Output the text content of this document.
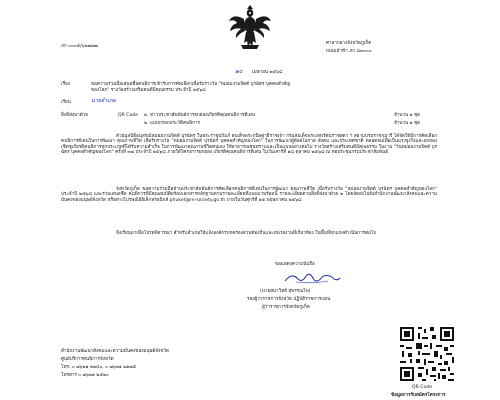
ภก ๐๐๐๕/๖๒๗๗๗
ศาลากลางจังหวัดภูเก็ต
ถนนเจ้าฟ้า ภก ๘๓๐๐๐
๑๐ เมษายน ๒๕๖๘
เรื่อง	ขอความร่วมมือเสนอชื่อคนพิการเข้ารับการคัดเลือกเพื่อรับรางวัล "หม่อมงามจิตต์ บุรฉัตร บุคคลสำคัญ
ของโลก" รางวัลสร้างเสริมคนดีมีคุณธรรม ประจำปี ๒๕๖๘
เรียน	นายอำเภอ
สิ่งที่ส่งมาด้วย	QR Code ๑. ข่าวประชาสัมพันธ์การยกย่องเกียรติคุณคนพิการดีเด่น	จำนวน ๑ ชุด
๒. แบบกรอกประวัติคนพิการ	จำนวน ๑ ชุด
ด้วยมูลนิธิอนุสรณ์หม่อมงามจิตต์ บุรฉัตร ในพระราชูปถัมภ์ สมเด็จพระกนิษฐาธิราชเจ้า กรมสมเด็จพระเทพรัตนราชสุดา ฯ สยามบรมราชกุมารี ได้จัดให้มีการคัดเลือกคนพิการดีเด่นในการพัฒนา คุณภาพชีวิต เพื่อรับรางวัล "หม่อมงามจิตต์ บุรฉัตร บุคคลสำคัญของโลก" ในการพัฒนาผู้ด้อยโอกาส สังคม และประเทศชาติ ตลอดจนเพื่อเป็นแรงจูงใจและยกย่องเชิดชูเกียรติคนพิการทุกประเภทที่ได้รับความสำเร็จ ในการพัฒนาคุณภาพชีวิตตนเอง ให้สาธารณชนทราบและเป็นแบบอย่างต่อไป รางวัลสร้างเสริมคนดีมีคุณธรรม ในงาน "วันหม่อมงามจิตต์ บุรฉัตร บุคคลสำคัญของโลก" ครั้งที่ ๓๗ ประจำปี ๒๕๖๘ ภายใต้โครงการยกย่อง เกียรติคุณคนพิการดีเด่น ในวันเสาร์ที่ ๑๘ ตุลาคม ๒๕๖๘ ณ หอประชุมกรมประชาสัมพันธ์
จังหวัดภูเก็ต ขอความร่วมมือท่านประชาสัมพันธ์การคัดเลือกคนพิการดีเด่นในการพัฒนา คุณภาพชีวิต เพื่อรับรางวัล "หม่อมงามจิตต์ บุรฉัตร บุคคลสำคัญของโลก" ประจำปี ๒๕๖๘ และร่วมเสนอชื่อ คนพิการที่มีคุณสมบัติพร้อมเอกสารหลักฐานตามรายละเอียดที่แนบมาพร้อมนี้ รายละเอียดตามสิ่งที่ส่งมาด้วย ๒ โดยจัดส่งไปยังสำนักงานพัฒนาสังคมและความมั่นคงของมนุษย์จังหวัด หรือทางไปรษณีย์อิเล็กทรอนิกส์ phuket@m-society.go.th ภายในวันศุกร์ที่ ๑๕ พฤษภาคม ๒๕๖๘
จึงเรียนมาเพื่อโปรดพิจารณา สำหรับอำเภอให้แจ้งองค์กรปกครองส่วนท้องถิ่นและหน่วยงานที่เกี่ยวข้อง ในพื้นที่ทุกแห่งดำเนินการต่อไป
ขอแสดงความนับถือ
(นายสมาวิทย์ สุพรรณไพ)
รองผู้ว่าราชการจังหวัด ปฏิบัติราชการแทน
ผู้ว่าราชการจังหวัดภูเก็ต
สำนักงานพัฒนาสังคมและความมั่นคงของมนุษย์จังหวัด
ศูนย์บริการคนพิการจังหวัด
โทร. ๐ ๗๖๒๑ ๒๒๔๐, ๐ ๗๖๒๑ ๒๑๗๕
โทรสาร ๐ ๗๖๒๑ ๒๕๒๐
QR Code
ข้อมูลการรับสมัครโครงการ
